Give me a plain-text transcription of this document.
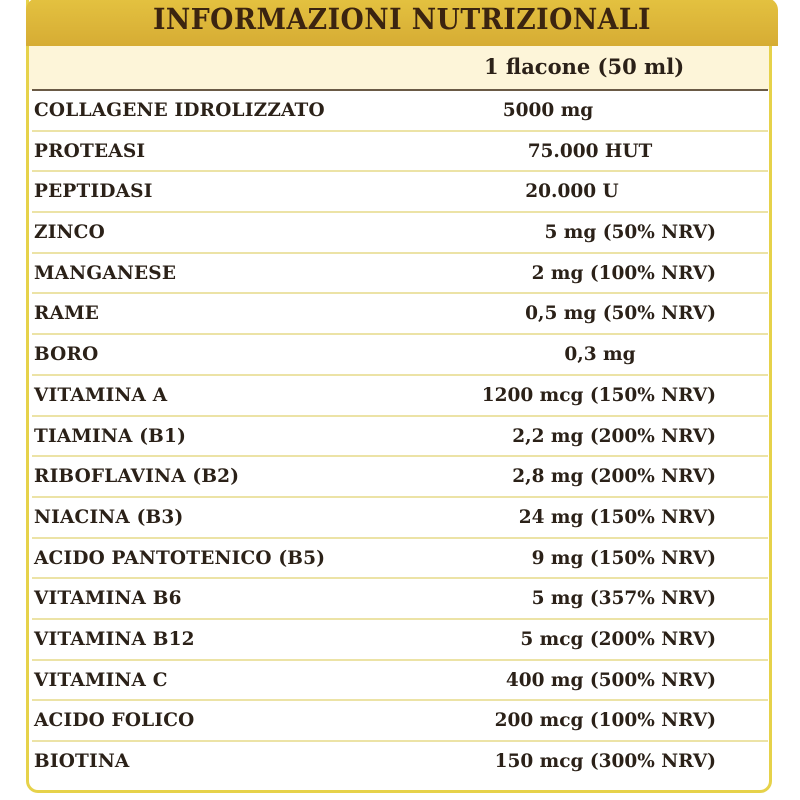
INFORMAZIONI NUTRIZIONALI
1 flacone (50 ml)
COLLAGENE IDROLIZZATO	5000 mg
PROTEASI	75.000 HUT
PEPTIDASI	20.000 U
ZINCO	5 mg (50% NRV)
MANGANESE	2 mg (100% NRV)
RAME	0,5 mg (50% NRV)
BORO	0,3 mg
VITAMINA A	1200 mcg (150% NRV)
TIAMINA (B1)	2,2 mg (200% NRV)
RIBOFLAVINA (B2)	2,8 mg (200% NRV)
NIACINA (B3)	24 mg (150% NRV)
ACIDO PANTOTENICO (B5)	9 mg (150% NRV)
VITAMINA B6	5 mg (357% NRV)
VITAMINA B12	5 mcg (200% NRV)
VITAMINA C	400 mg (500% NRV)
ACIDO FOLICO	200 mcg (100% NRV)
BIOTINA	150 mcg (300% NRV)
